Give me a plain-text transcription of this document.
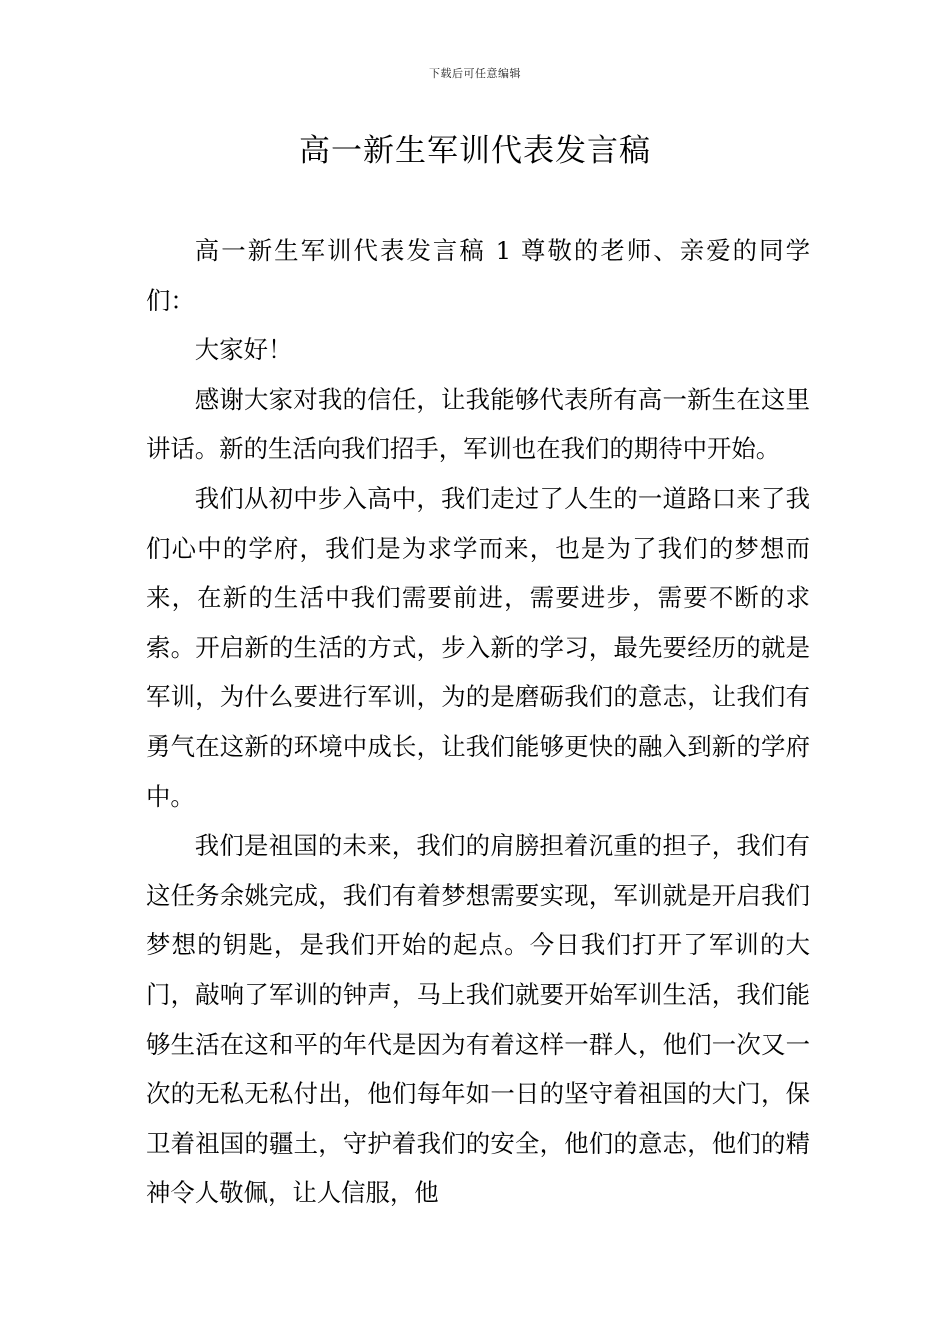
下载后可任意编辑
高一新生军训代表发言稿

高一新生军训代表发言稿 1 尊敬的老师、亲爱的同学们：

大家好！

感谢大家对我的信任，让我能够代表所有高一新生在这里讲话。新的生活向我们招手，军训也在我们的期待中开始。

我们从初中步入高中，我们走过了人生的一道路口来了我们心中的学府，我们是为求学而来，也是为了我们的梦想而来，在新的生活中我们需要前进，需要进步，需要不断的求索。开启新的生活的方式，步入新的学习，最先要经历的就是军训，为什么要进行军训，为的是磨砺我们的意志，让我们有勇气在这新的环境中成长，让我们能够更快的融入到新的学府中。

我们是祖国的未来，我们的肩膀担着沉重的担子，我们有这任务余姚完成，我们有着梦想需要实现，军训就是开启我们梦想的钥匙，是我们开始的起点。今日我们打开了军训的大门，敲响了军训的钟声，马上我们就要开始军训生活，我们能够生活在这和平的年代是因为有着这样一群人，他们一次又一次的无私无私付出，他们每年如一日的坚守着祖国的大门，保卫着祖国的疆土，守护着我们的安全，他们的意志，他们的精神令人敬佩，让人信服，他
